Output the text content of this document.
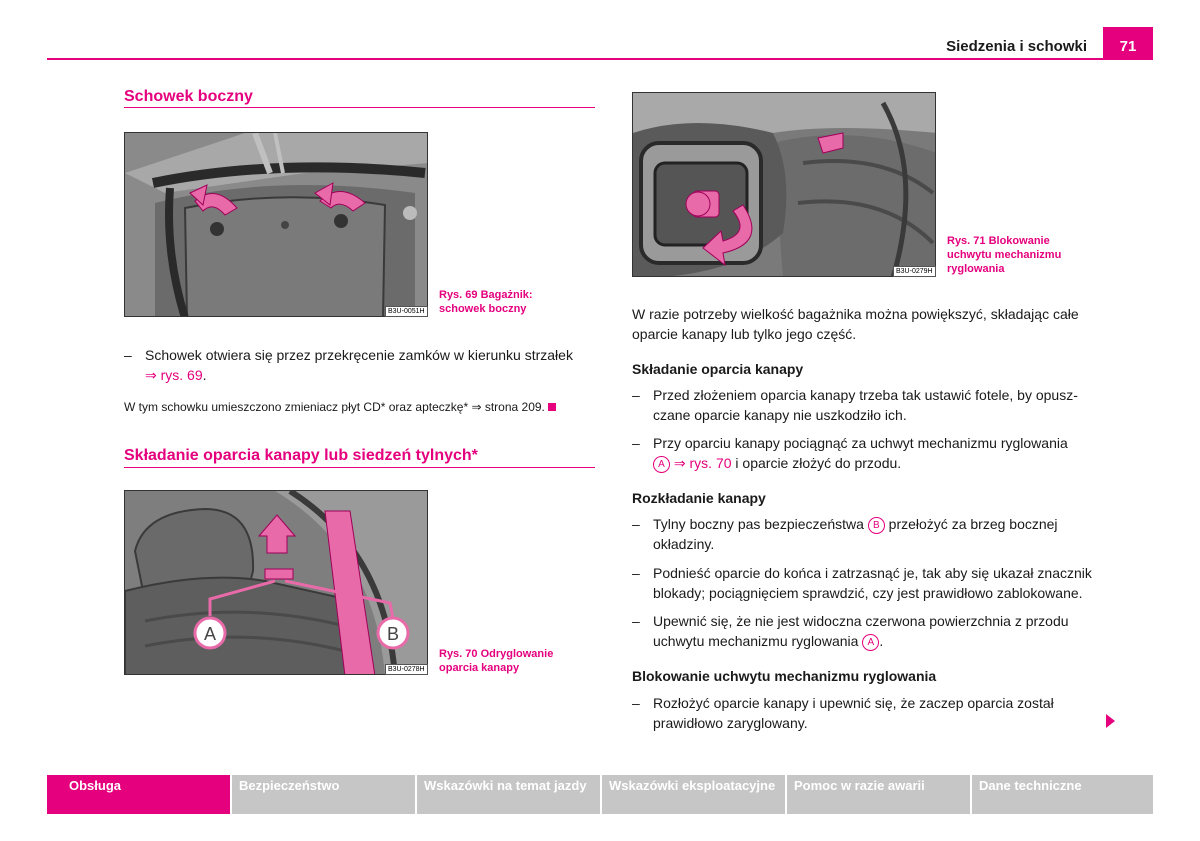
Siedzenia i schowki	71
Schowek boczny
B3U-0051H
Rys. 69 Bagażnik:
schowek boczny
– Schowek otwiera się przez przekręcenie zamków w kierunku strzałek
⇒ rys. 69.
W tym schowku umieszczono zmieniacz płyt CD* oraz apteczkę* ⇒ strona 209.
Składanie oparcia kanapy lub siedzeń tylnych*
A	B
B3U-0278H
Rys. 70 Odryglowanie
oparcia kanapy
B3U-0279H
Rys. 71 Blokowanie
uchwytu mechanizmu
ryglowania
W razie potrzeby wielkość bagażnika można powiększyć, składając całe
oparcie kanapy lub tylko jego część.
Składanie oparcia kanapy
– Przed złożeniem oparcia kanapy trzeba tak ustawić fotele, by opusz-
czane oparcie kanapy nie uszkodziło ich.
– Przy oparciu kanapy pociągnąć za uchwyt mechanizmu ryglowania
A ⇒ rys. 70 i oparcie złożyć do przodu.
Rozkładanie kanapy
– Tylny boczny pas bezpieczeństwa B przełożyć za brzeg bocznej
okładziny.
– Podnieść oparcie do końca i zatrzasnąć je, tak aby się ukazał znacznik
blokady; pociągnięciem sprawdzić, czy jest prawidłowo zablokowane.
– Upewnić się, że nie jest widoczna czerwona powierzchnia z przodu
uchwytu mechanizmu ryglowania A .
Blokowanie uchwytu mechanizmu ryglowania
– Rozłożyć oparcie kanapy i upewnić się, że zaczep oparcia został
prawidłowo zaryglowany.
Obsługa	Bezpieczeństwo	Wskazówki na temat jazdy	Wskazówki eksploatacyjne	Pomoc w razie awarii	Dane techniczne
